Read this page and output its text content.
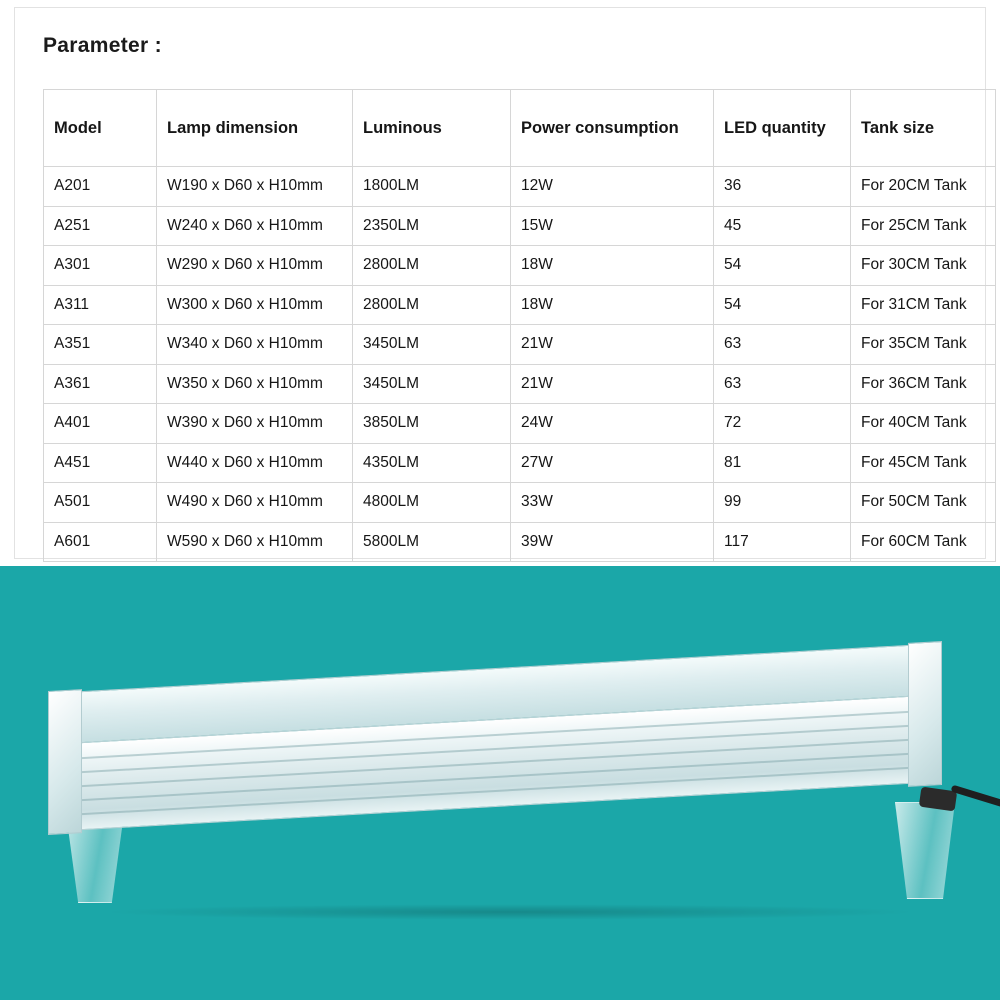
Parameter :
Model	Lamp dimension	Luminous	Power consumption	LED quantity	Tank size

A201	W190 x D60 x H10mm	1800LM	12W	36	For 20CM Tank
A251	W240 x D60 x H10mm	2350LM	15W	45	For 25CM Tank
A301	W290 x D60 x H10mm	2800LM	18W	54	For 30CM Tank
A311	W300 x D60 x H10mm	2800LM	18W	54	For 31CM Tank
A351	W340 x D60 x H10mm	3450LM	21W	63	For 35CM Tank
A361	W350 x D60 x H10mm	3450LM	21W	63	For 36CM Tank
A401	W390 x D60 x H10mm	3850LM	24W	72	For 40CM Tank
A451	W440 x D60 x H10mm	4350LM	27W	81	For 45CM Tank
A501	W490 x D60 x H10mm	4800LM	33W	99	For 50CM Tank
A601	W590 x D60 x H10mm	5800LM	39W	117	For 60CM Tank
